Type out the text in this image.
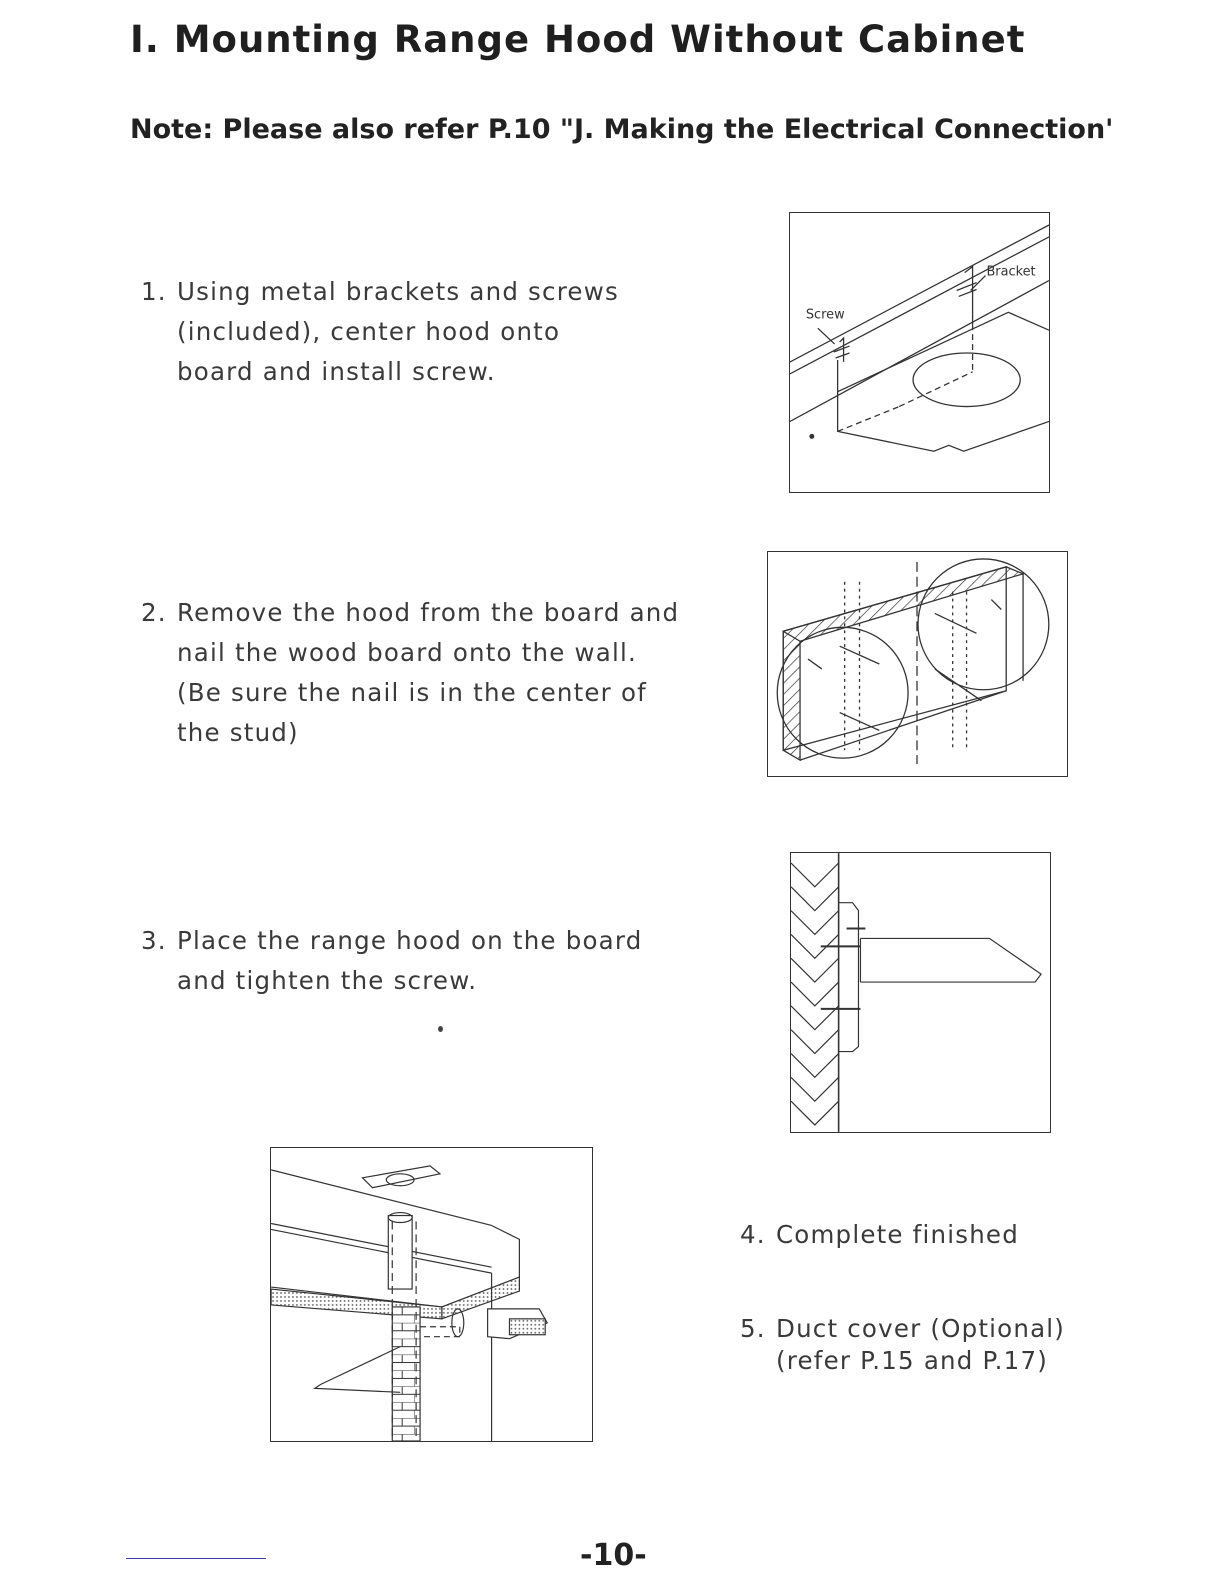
I. Mounting Range Hood Without Cabinet
Note: Please also refer P.10 "J. Making the Electrical Connection'
1. Using metal brackets and screws
(included), center hood onto
board and install screw.
2. Remove the hood from the board and
nail the wood board onto the wall.
(Be sure the nail is in the center of
the stud)
3. Place the range hood on the board
and tighten the screw.
4. Complete finished
5. Duct cover (Optional)
(refer P.15 and P.17)
Bracket
Screw
-10-
